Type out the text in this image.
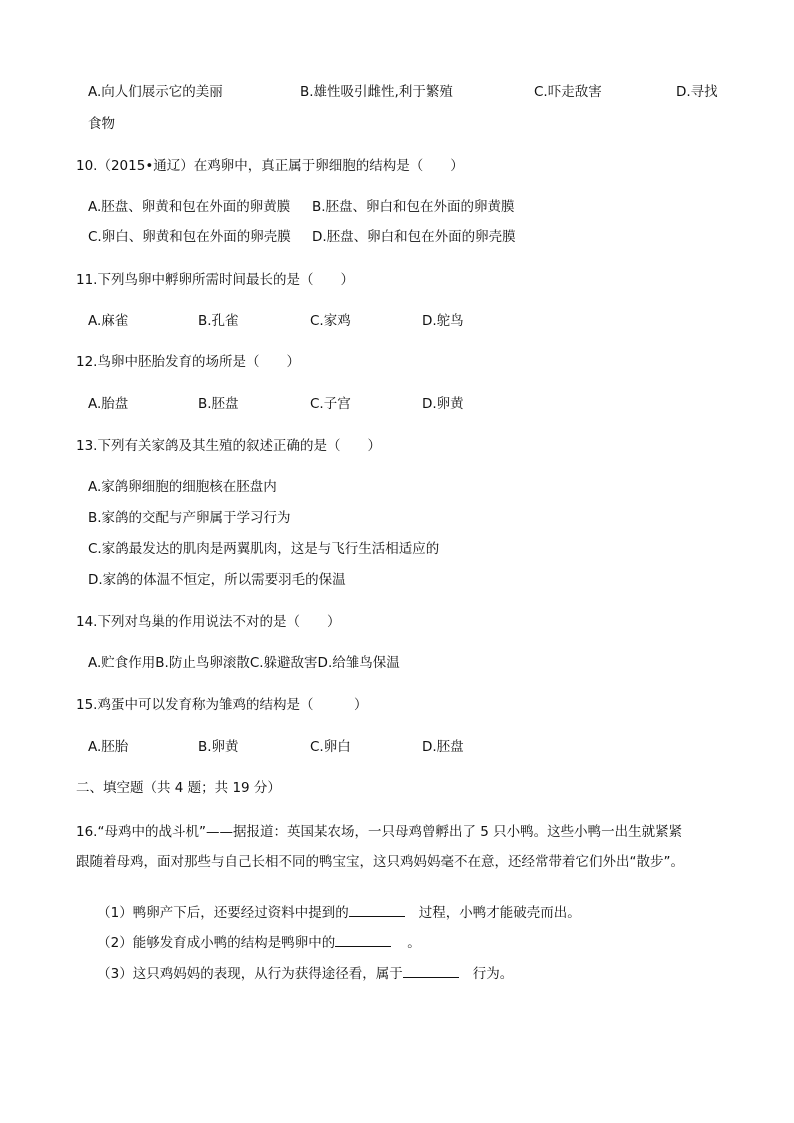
A.向人们展示它的美丽	B.雄性吸引雌性,利于繁殖	C.吓走敌害	D.寻找
食物
10.（2015•通辽）在鸡卵中，真正属于卵细胞的结构是（　　）
A.胚盘、卵黄和包在外面的卵黄膜 B.胚盘、卵白和包在外面的卵黄膜
C.卵白、卵黄和包在外面的卵壳膜 D.胚盘、卵白和包在外面的卵壳膜
11.下列鸟卵中孵卵所需时间最长的是（　　）
A.麻雀	B.孔雀	C.家鸡	D.鸵鸟
12.鸟卵中胚胎发育的场所是（　　）
A.胎盘	B.胚盘	C.子宫	D.卵黄
13.下列有关家鸽及其生殖的叙述正确的是（　　）
A.家鸽卵细胞的细胞核在胚盘内
B.家鸽的交配与产卵属于学习行为
C.家鸽最发达的肌肉是两翼肌肉，这是与飞行生活相适应的
D.家鸽的体温不恒定，所以需要羽毛的保温
14.下列对鸟巢的作用说法不对的是（　　）
A.贮食作用B.防止鸟卵滚散C.躲避敌害D.给雏鸟保温
15.鸡蛋中可以发育称为雏鸡的结构是（　　　）
A.胚胎	B.卵黄	C.卵白	D.胚盘
二、填空题（共 4 题；共 19 分）
16.“母鸡中的战斗机”——据报道：英国某农场，一只母鸡曾孵出了 5 只小鸭。这些小鸭一出生就紧紧
跟随着母鸡，面对那些与自己长相不同的鸭宝宝，这只鸡妈妈毫不在意，还经常带着它们外出“散步”。

（1）鸭卵产下后，还要经过资料中提到的	过程，小鸭才能破壳而出。

（2）能够发育成小鸭的结构是鸭卵中的	。

（3）这只鸡妈妈的表现，从行为获得途径看，属于	行为。
